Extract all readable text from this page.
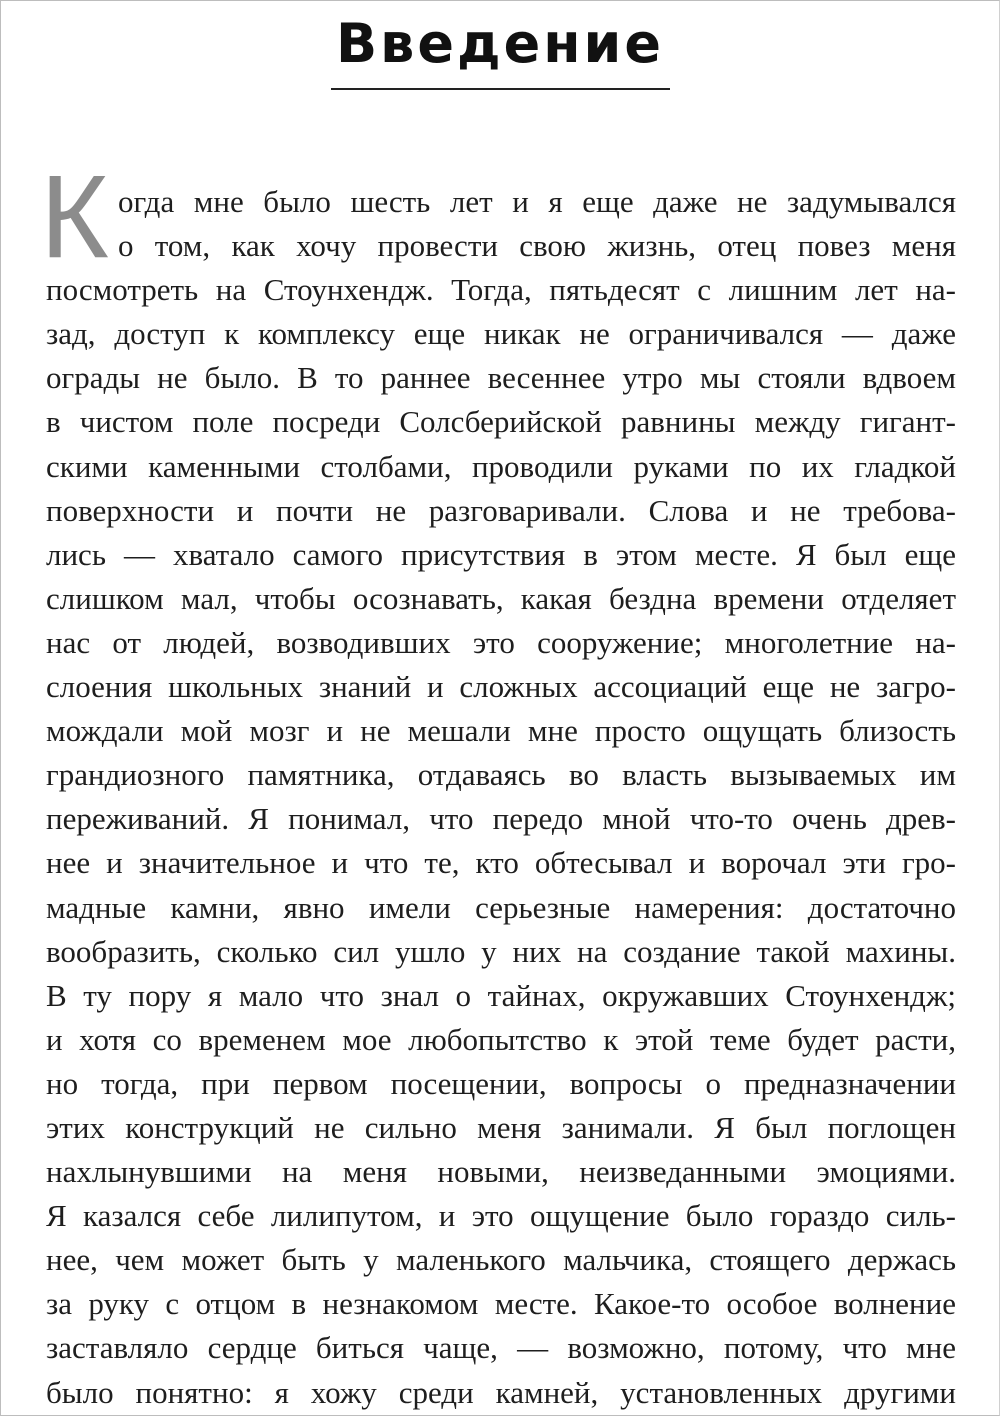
Введение
К огда мне было шесть лет и я еще даже не задумывался
о том, как хочу провести свою жизнь, отец повез меня
посмотреть на Стоунхендж. Тогда, пятьдесят с лишним лет на-
зад, доступ к комплексу еще никак не ограничивался — даже
ограды не было. В то раннее весеннее утро мы стояли вдвоем
в чистом поле посреди Солсберийской равнины между гигант-
скими каменными столбами, проводили руками по их гладкой
поверхности и почти не разговаривали. Слова и не требова-
лись — хватало самого присутствия в этом месте. Я был еще
слишком мал, чтобы осознавать, какая бездна времени отделяет
нас от людей, возводивших это сооружение; многолетние на-
слоения школьных знаний и сложных ассоциаций еще не загро-
мождали мой мозг и не мешали мне просто ощущать близость
грандиозного памятника, отдаваясь во власть вызываемых им
переживаний. Я понимал, что передо мной что-то очень древ-
нее и значительное и что те, кто обтесывал и ворочал эти гро-
мадные камни, явно имели серьезные намерения: достаточно
вообразить, сколько сил ушло у них на создание такой махины.
В ту пору я мало что знал о тайнах, окружавших Стоунхендж;
и хотя со временем мое любопытство к этой теме будет расти,
но тогда, при первом посещении, вопросы о предназначении
этих конструкций не сильно меня занимали. Я был поглощен
нахлынувшими на меня новыми, неизведанными эмоциями.
Я казался себе лилипутом, и это ощущение было гораздо силь-
нее, чем может быть у маленького мальчика, стоящего держась
за руку с отцом в незнакомом месте. Какое-то особое волнение
заставляло сердце биться чаще, — возможно, потому, что мне
было понятно: я хожу среди камней, установленных другими
